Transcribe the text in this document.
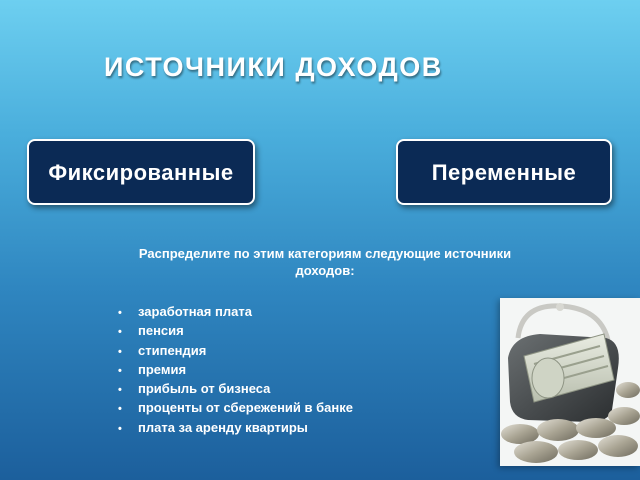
ИСТОЧНИКИ ДОХОДОВ
Фиксированные	Переменные
Распределите по этим категориям следующие источники доходов:
• заработная плата
• пенсия
• стипендия
• премия
• прибыль от бизнеса
• проценты от сбережений в банке
• плата за аренду квартиры
